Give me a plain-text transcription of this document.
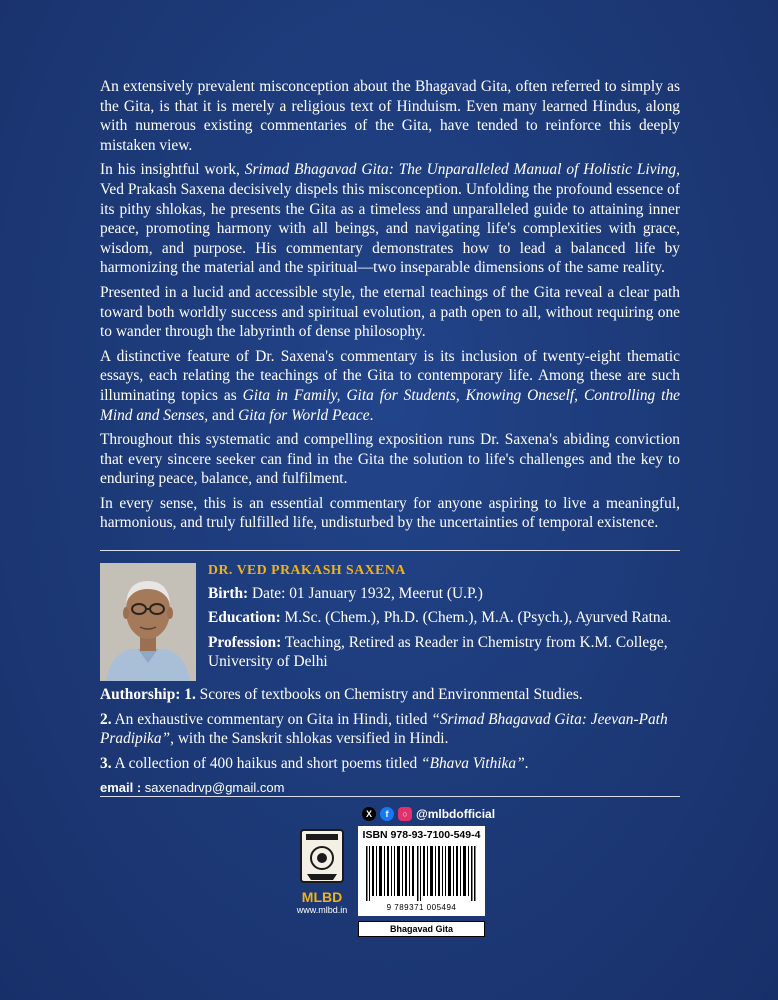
An extensively prevalent misconception about the Bhagavad Gita, often referred to simply as the Gita, is that it is merely a religious text of Hinduism. Even many learned Hindus, along with numerous existing commentaries of the Gita, have tended to reinforce this deeply mistaken view.

In his insightful work, Srimad Bhagavad Gita: The Unparalleled Manual of Holistic Living, Ved Prakash Saxena decisively dispels this misconception. Unfolding the profound essence of its pithy shlokas, he presents the Gita as a timeless and unparalleled guide to attaining inner peace, promoting harmony with all beings, and navigating life's complexities with grace, wisdom, and purpose. His commentary demonstrates how to lead a balanced life by harmonizing the material and the spiritual—two inseparable dimensions of the same reality.

Presented in a lucid and accessible style, the eternal teachings of the Gita reveal a clear path toward both worldly success and spiritual evolution, a path open to all, without requiring one to wander through the labyrinth of dense philosophy.

A distinctive feature of Dr. Saxena's commentary is its inclusion of twenty-eight thematic essays, each relating the teachings of the Gita to contemporary life. Among these are such illuminating topics as Gita in Family, Gita for Students, Knowing Oneself, Controlling the Mind and Senses, and Gita for World Peace.

Throughout this systematic and compelling exposition runs Dr. Saxena's abiding conviction that every sincere seeker can find in the Gita the solution to life's challenges and the key to enduring peace, balance, and fulfilment.

In every sense, this is an essential commentary for anyone aspiring to live a meaningful, harmonious, and truly fulfilled life, undisturbed by the uncertainties of temporal existence.

DR. VED PRAKASH SAXENA
Birth: Date: 01 January 1932, Meerut (U.P.)
Education: M.Sc. (Chem.), Ph.D. (Chem.), M.A. (Psych.), Ayurved Ratna.
Profession: Teaching, Retired as Reader in Chemistry from K.M. College, University of Delhi
Authorship: 1. Scores of textbooks on Chemistry and Environmental Studies.
2. An exhaustive commentary on Gita in Hindi, titled “Srimad Bhagavad Gita: Jeevan-Path Pradipika”, with the Sanskrit shlokas versified in Hindi.
3. A collection of 400 haikus and short poems titled “Bhava Vithika”.
email : saxenadrvp@gmail.com
X	f	○ @mlbdofficial
MLBD
www.mlbd.in
ISBN 978-93-7100-549-4
9 789371 005494
Bhagavad Gita
